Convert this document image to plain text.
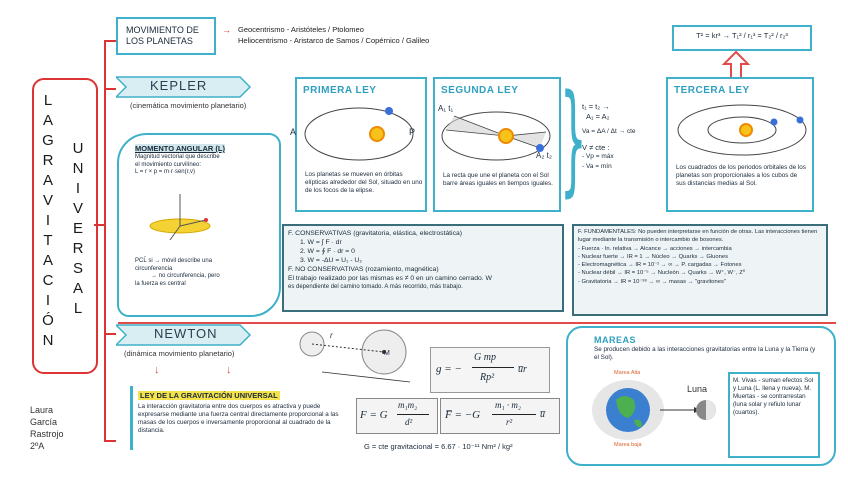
L
A
G
R
A
V
I
T
A
C
I
Ó
N
U
N
I
V
E
R
S
A
L
Laura
García
Rastrojo
2ºA
MOVIMIENTO DE
LOS PLANETAS
→ Geocentrismo - Aristóteles / Ptolomeo
Heliocentrismo - Aristarco de Samos / Copérnico / Galileo
T² = kr³ → T₁² / r₁³ = T₂² / r₂³
KEPLER
(cinemática movimiento planetario)
PRIMERA LEY
A	P
Los planetas se mueven en órbitas elípticas alrededor del Sol, situado en uno de los focos de la elipse.
SEGUNDA LEY
A₁ t₁
A₂ t₂
La recta que une el planeta con el Sol barre áreas iguales en tiempos iguales. }
t₁ = t₂ →
A₁ = A₂
Va = ΔA / Δt → cte
V ≠ cte :
- Vp = máx
- Va = mín
TERCERA LEY
Los cuadrados de los periodos orbitales de los planetas son proporcionales a los cubos de sus distancias medias al Sol.
MOMENTO ANGULAR (L)
Magnitud vectorial que describe
el movimiento curvilíneo:
L = r × p = m·r·sen(r,v)
PCL̄ si → móvil describe una
circunferencia
→ no circunferencia, pero
la fuerza es central
F. CONSERVATIVAS (gravitatoria, elástica, electrostática)
1. W = ∫ F · dr
2. W = ∮ F · dr = 0
3. W = -ΔU = U₁ - U₂
F. NO CONSERVATIVAS (rozamiento, magnética)
El trabajo realizado por las mismas es ≠ 0 en un camino cerrado. W
es dependiente del camino tomado. A más recorrido, más trabajo.
F. FUNDAMENTALES: No pueden interpretarse en función de otras. Las interacciones tienen lugar mediante la transmisión o intercambio de bosones.
- Fuerza · In. relativa → Alcance → acciones → intercambia
- Nuclear fuerte → IR = 1 → Núcleo → Quarks → Gluones
- Electromagnética → IR = 10⁻² → ∞ → P. cargadas → Fotones
- Nuclear débil → IR = 10⁻⁵ → Nucleón → Quarks → W⁺, W⁻, Z⁰
- Gravitatoria → IR = 10⁻³⁸ → ∞ → masas → "gravitones"
NEWTON
(dinámica movimiento planetario)
↓	↓
LEY DE LA GRAVITACIÓN UNIVERSAL
La interacción gravitatoria entre dos cuerpos es atractiva y puede expresarse mediante una fuerza central directamente proporcional a las masas de los cuerpos e inversamente proporcional al cuadrado de la distancia.
r
M
g = −
G mp
Rp²
u̅r
F = G
m₁m₂
d²
F̅ = −G
m₁ · m₂
r²
u̅
G = cte gravitacional = 6.67 · 10⁻¹¹ Nm² / kg²
MAREAS
Se producen debido a las interacciones gravitatorias entre la Luna y la Tierra (y el Sol).
Marea Alta
Marea baja
Luna
M. Vivas - suman efectos Sol y Luna (L. llena y nueva). M. Muertas - se contrarrestan (luna solar y refiulo lunar (cuartos).
